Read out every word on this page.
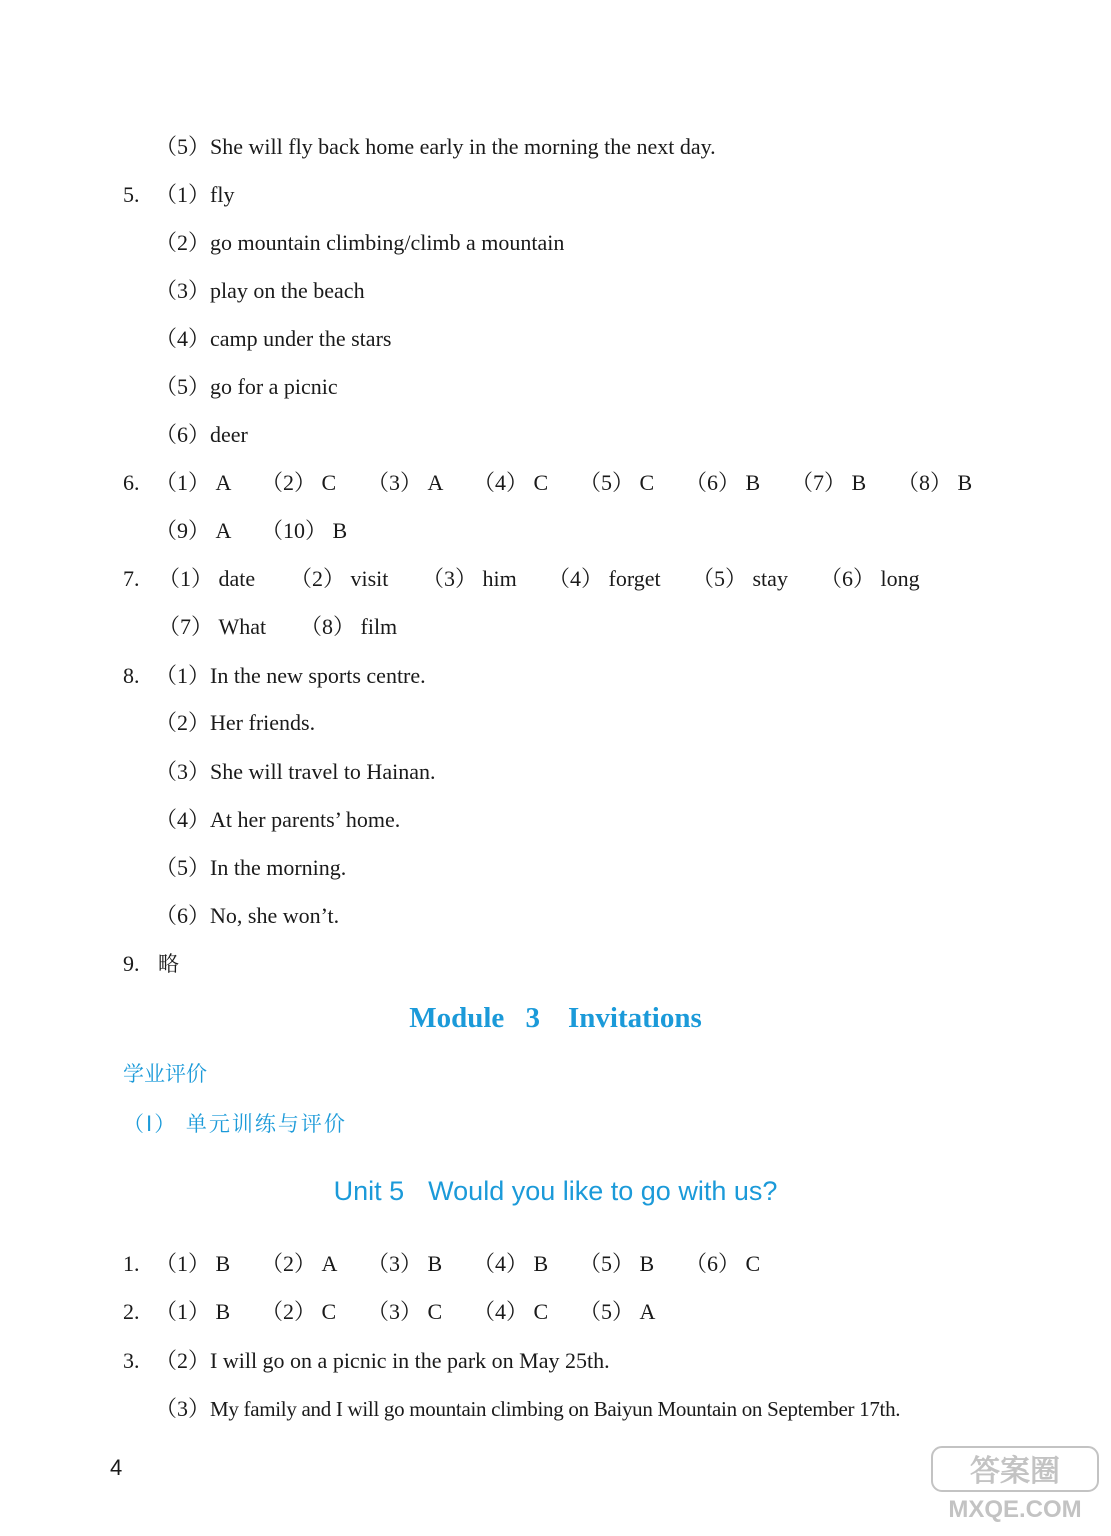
（5）She will fly back home early in the morning the next day.
5. （1） fly
（2）go mountain climbing/climb a mountain
（3）play on the beach
（4）camp under the stars
（5）go for a picnic
（6）deer
6. （1） A （2） C （3） A （4） C （5） C （6） B （7） B （8） B
（9） A （10） B
7. （1） date （2） visit （3） him （4） forget （5） stay （6） long
（7） What （8） film
8. （1） In the new sports centre.
（2）Her friends.
（3）She will travel to Hainan.
（4）At her parents’ home.
（5）In the morning.
（6）No, she won’t.
9. 略
Module 3 Invitations
学业评价
（Ⅰ） 单元训练与评价
Unit 5 Would you like to go with us?
1. （1） B （2） A （3） B （4） B （5） B （6） C
2. （1） B （2） C （3） C （4） C （5） A
3. （2） I will go on a picnic in the park on May 25th.
（3） My family and I will go mountain climbing on Baiyun Mountain on September 17th.
4	答案圈
MXQE.COM
